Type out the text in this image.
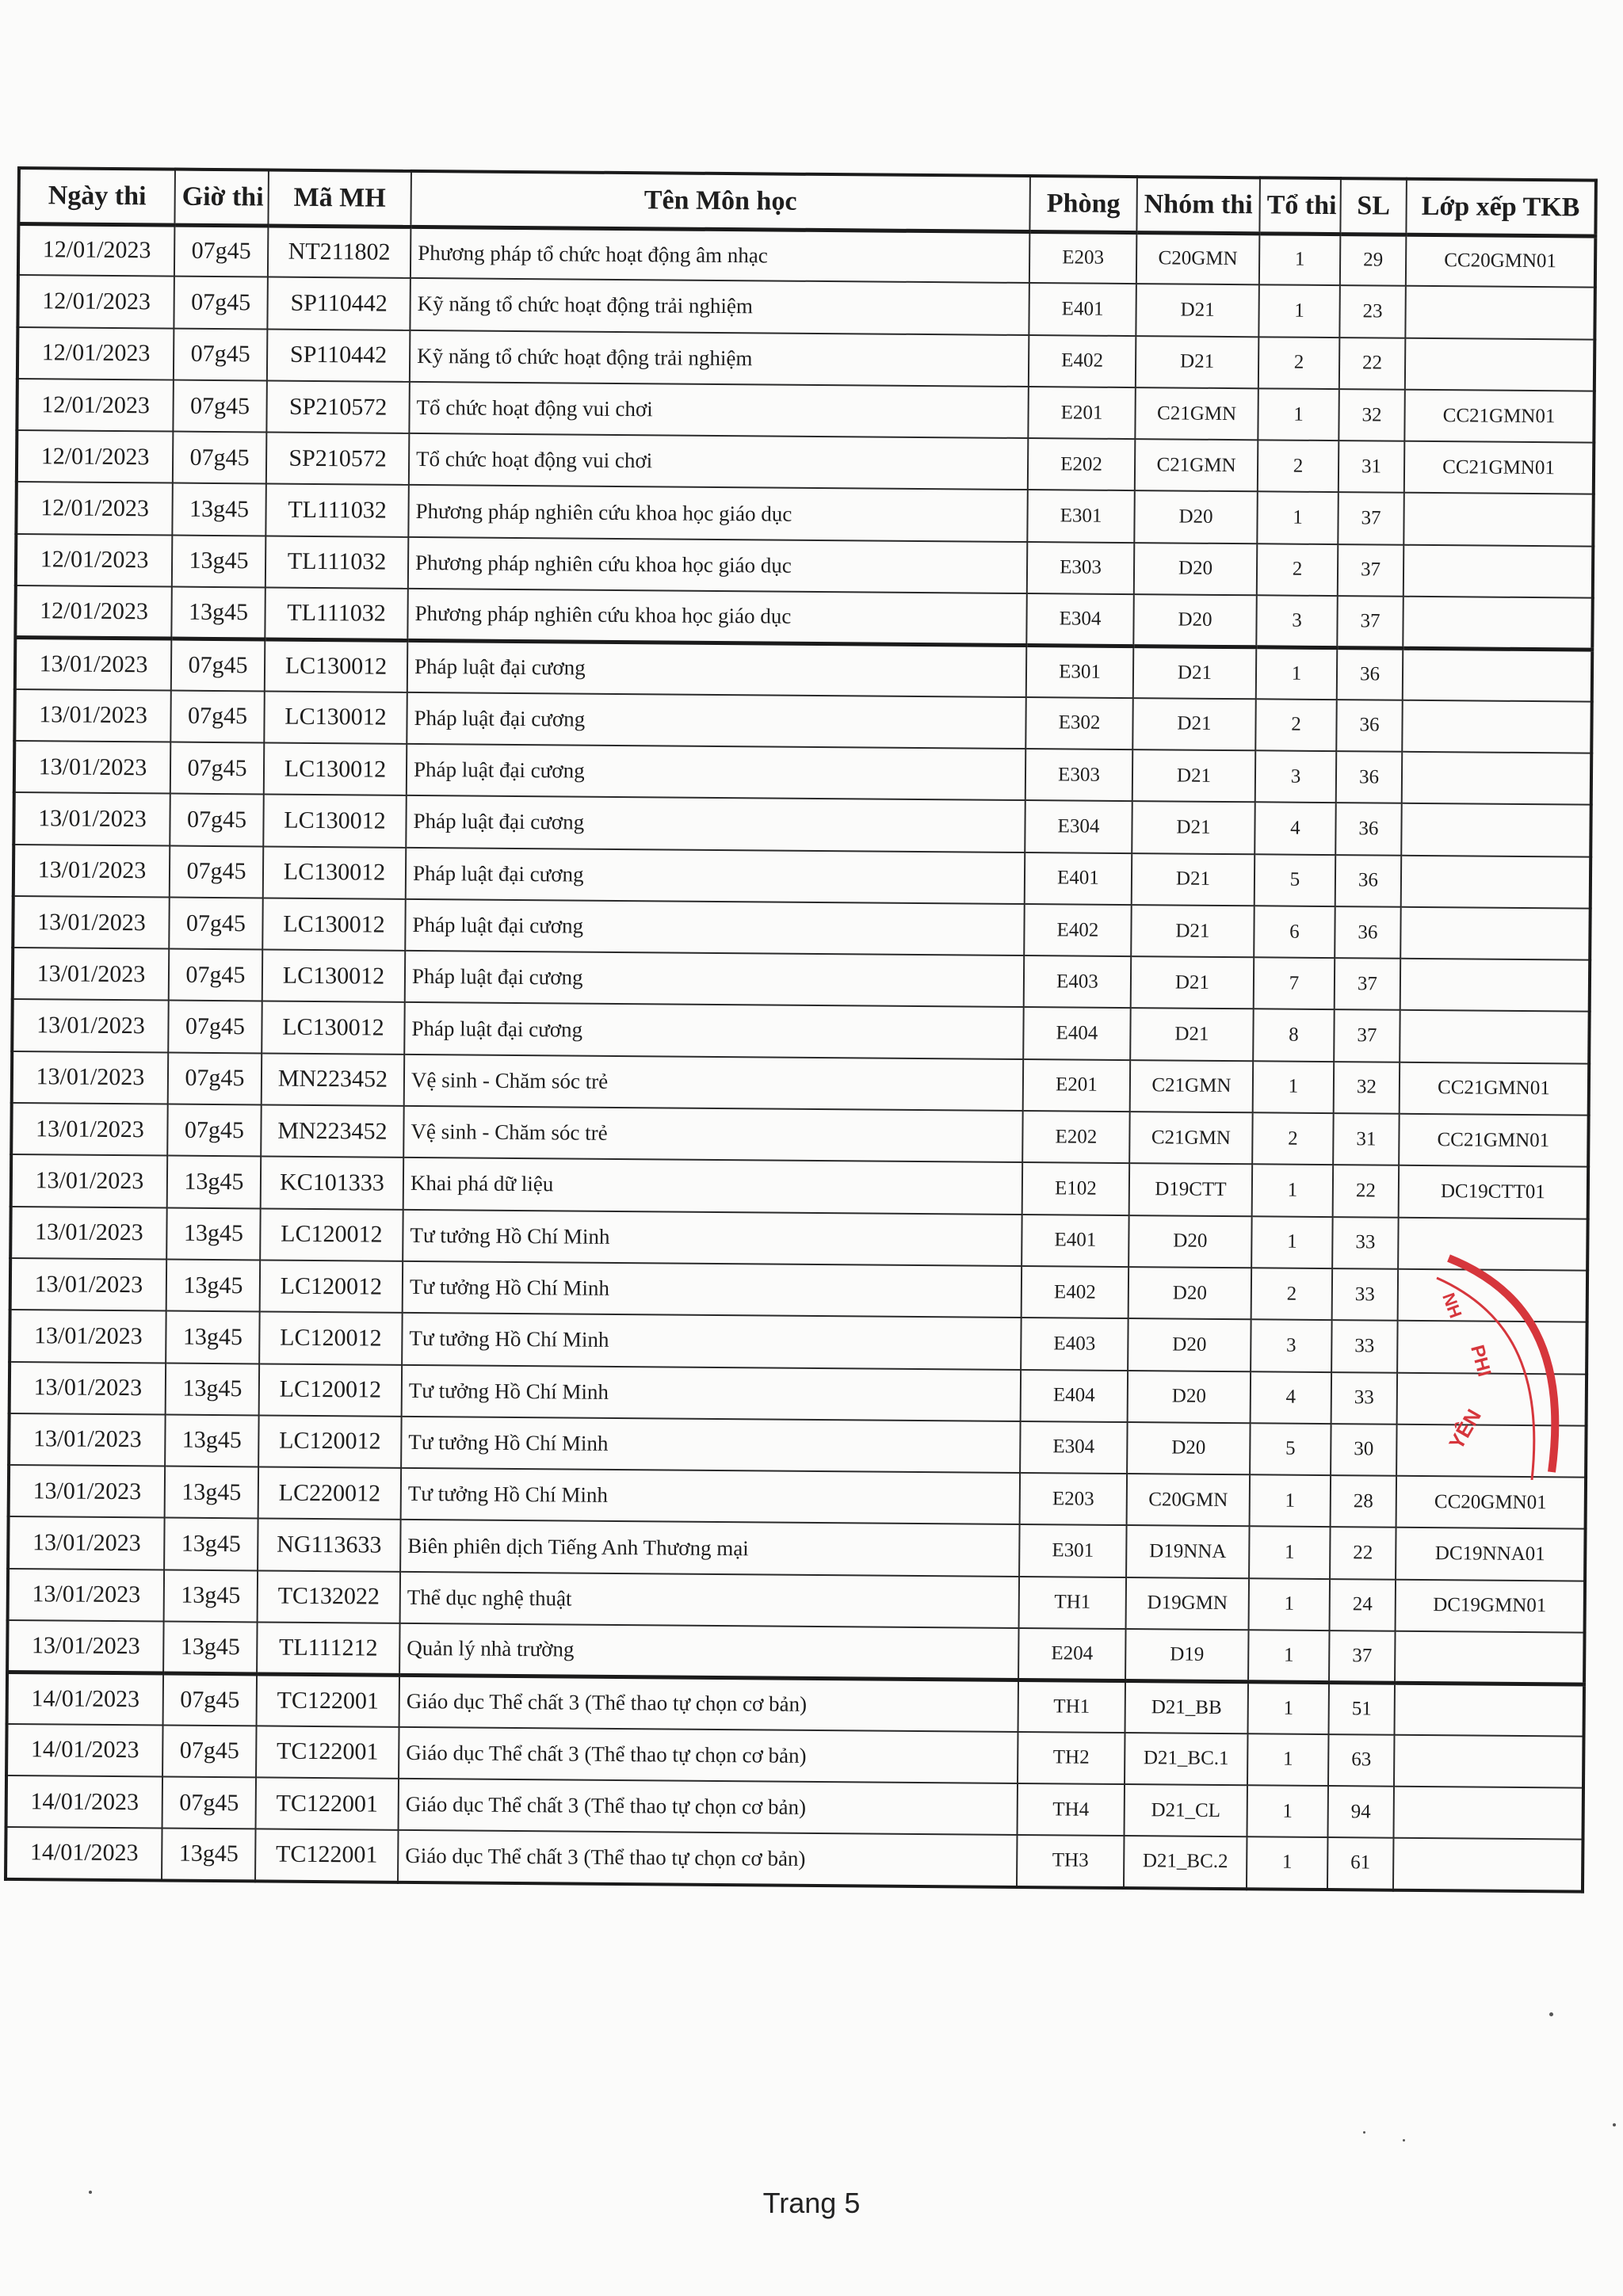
Ngày thi	Giờ thi	Mã MH	Tên Môn học	Phòng	Nhóm thi	Tổ thi	SL	Lớp xếp TKB
12/01/2023	07g45	NT211802	Phương pháp tổ chức hoạt động âm nhạc	E203	C20GMN	1	29	CC20GMN01
12/01/2023	07g45	SP110442	Kỹ năng tổ chức hoạt động trải nghiệm	E401	D21	1	23	
12/01/2023	07g45	SP110442	Kỹ năng tổ chức hoạt động trải nghiệm	E402	D21	2	22	
12/01/2023	07g45	SP210572	Tổ chức hoạt động vui chơi	E201	C21GMN	1	32	CC21GMN01
12/01/2023	07g45	SP210572	Tổ chức hoạt động vui chơi	E202	C21GMN	2	31	CC21GMN01
12/01/2023	13g45	TL111032	Phương pháp nghiên cứu khoa học giáo dục	E301	D20	1	37	
12/01/2023	13g45	TL111032	Phương pháp nghiên cứu khoa học giáo dục	E303	D20	2	37	
12/01/2023	13g45	TL111032	Phương pháp nghiên cứu khoa học giáo dục	E304	D20	3	37	
13/01/2023	07g45	LC130012	Pháp luật đại cương	E301	D21	1	36	
13/01/2023	07g45	LC130012	Pháp luật đại cương	E302	D21	2	36	
13/01/2023	07g45	LC130012	Pháp luật đại cương	E303	D21	3	36	
13/01/2023	07g45	LC130012	Pháp luật đại cương	E304	D21	4	36	
13/01/2023	07g45	LC130012	Pháp luật đại cương	E401	D21	5	36	
13/01/2023	07g45	LC130012	Pháp luật đại cương	E402	D21	6	36	
13/01/2023	07g45	LC130012	Pháp luật đại cương	E403	D21	7	37	
13/01/2023	07g45	LC130012	Pháp luật đại cương	E404	D21	8	37	
13/01/2023	07g45	MN223452	Vệ sinh - Chăm sóc trẻ	E201	C21GMN	1	32	CC21GMN01
13/01/2023	07g45	MN223452	Vệ sinh - Chăm sóc trẻ	E202	C21GMN	2	31	CC21GMN01
13/01/2023	13g45	KC101333	Khai phá dữ liệu	E102	D19CTT	1	22	DC19CTT01
13/01/2023	13g45	LC120012	Tư tưởng Hồ Chí Minh	E401	D20	1	33	
13/01/2023	13g45	LC120012	Tư tưởng Hồ Chí Minh	E402	D20	2	33	
13/01/2023	13g45	LC120012	Tư tưởng Hồ Chí Minh	E403	D20	3	33	
13/01/2023	13g45	LC120012	Tư tưởng Hồ Chí Minh	E404	D20	4	33	
13/01/2023	13g45	LC120012	Tư tưởng Hồ Chí Minh	E304	D20	5	30	
13/01/2023	13g45	LC220012	Tư tưởng Hồ Chí Minh	E203	C20GMN	1	28	CC20GMN01
13/01/2023	13g45	NG113633	Biên phiên dịch Tiếng Anh Thương mại	E301	D19NNA	1	22	DC19NNA01
13/01/2023	13g45	TC132022	Thể dục nghệ thuật	TH1	D19GMN	1	24	DC19GMN01
13/01/2023	13g45	TL111212	Quản lý nhà trường	E204	D19	1	37	
14/01/2023	07g45	TC122001	Giáo dục Thể chất 3 (Thể thao tự chọn cơ bản)	TH1	D21_BB	1	51	
14/01/2023	07g45	TC122001	Giáo dục Thể chất 3 (Thể thao tự chọn cơ bản)	TH2	D21_BC.1	1	63	
14/01/2023	07g45	TC122001	Giáo dục Thể chất 3 (Thể thao tự chọn cơ bản)	TH4	D21_CL	1	94	
14/01/2023	13g45	TC122001	Giáo dục Thể chất 3 (Thể thao tự chọn cơ bản)	TH3	D21_BC.2	1	61	
NH
PHI
YÊN
Trang 5
